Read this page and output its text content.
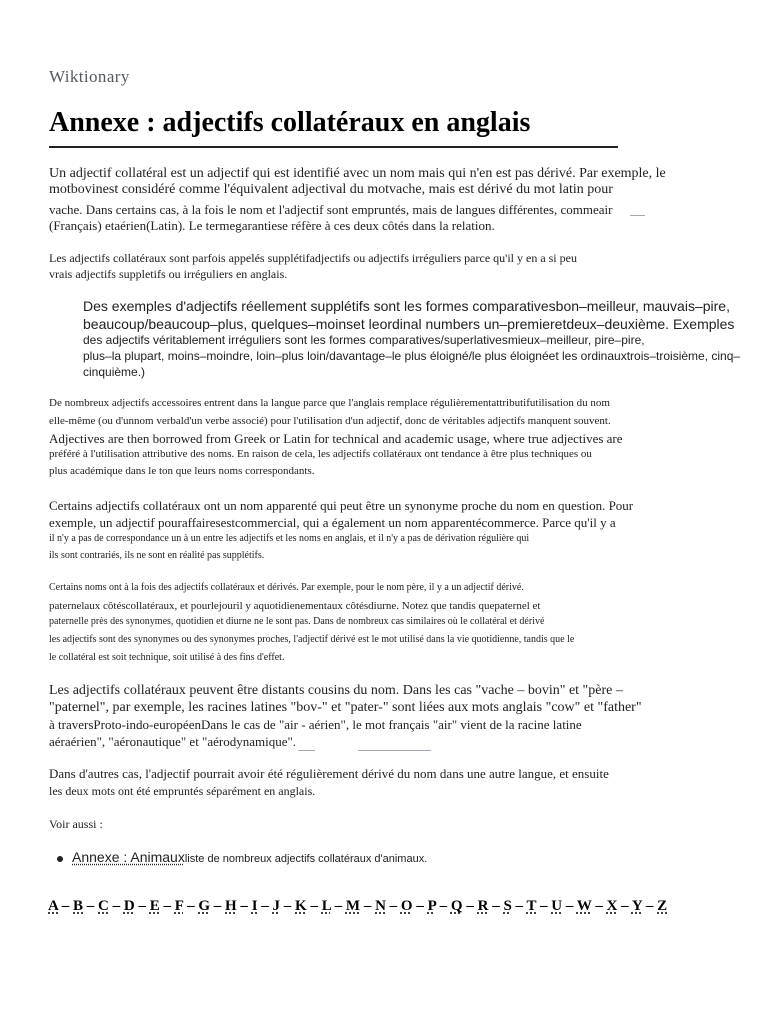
Wiktionary
Annexe : adjectifs collatéraux en anglais
Un adjectif collatéral est un adjectif qui est identifié avec un nom mais qui n'en est pas dérivé. Par exemple, le
motbovinest considéré comme l'équivalent adjectival du motvache, mais est dérivé du mot latin pour
vache. Dans certains cas, à la fois le nom et l'adjectif sont empruntés, mais de langues différentes, commeair
(Français) etaérien(Latin). Le termegarantiese réfère à ces deux côtés dans la relation.
Les adjectifs collatéraux sont parfois appelés supplétifadjectifs ou adjectifs irréguliers parce qu'il y en a si peu
vrais adjectifs suppletifs ou irréguliers en anglais.
Des exemples d'adjectifs réellement supplétifs sont les formes comparativesbon–meilleur, mauvais–pire,
beaucoup/beaucoup–plus, quelques–moinset leordinal numbers un–premieretdeux–deuxième. Exemples
des adjectifs véritablement irréguliers sont les formes comparatives/superlativesmieux–meilleur, pire–pire,
plus–la plupart, moins–moindre, loin–plus loin/davantage–le plus éloigné/le plus éloignéet les ordinauxtrois–troisième, cinq–
cinquième.)
De nombreux adjectifs accessoires entrent dans la langue parce que l'anglais remplace régulièrementattributifutilisation du nom
elle-même (ou d'unnom verbald'un verbe associé) pour l'utilisation d'un adjectif, donc de véritables adjectifs manquent souvent.
Adjectives are then borrowed from Greek or Latin for technical and academic usage, where true adjectives are
préféré à l'utilisation attributive des noms. En raison de cela, les adjectifs collatéraux ont tendance à être plus techniques ou
plus académique dans le ton que leurs noms correspondants.
Certains adjectifs collatéraux ont un nom apparenté qui peut être un synonyme proche du nom en question. Pour
exemple, un adjectif pouraffairesestcommercial, qui a également un nom apparentécommerce. Parce qu'il y a
il n'y a pas de correspondance un à un entre les adjectifs et les noms en anglais, et il n'y a pas de dérivation régulière qui
ils sont contrariés, ils ne sont en réalité pas supplétifs.
Certains noms ont à la fois des adjectifs collatéraux et dérivés. Par exemple, pour le nom père, il y a un adjectif dérivé.
paternelaux côtéscollatéraux, et pourlejouril y aquotidienementaux côtésdiurne. Notez que tandis quepaternel et
paternelle près des synonymes, quotidien et diurne ne le sont pas. Dans de nombreux cas similaires où le collatéral et dérivé
les adjectifs sont des synonymes ou des synonymes proches, l'adjectif dérivé est le mot utilisé dans la vie quotidienne, tandis que le
le collatéral est soit technique, soit utilisé à des fins d'effet.
Les adjectifs collatéraux peuvent être distants cousins du nom. Dans les cas "vache – bovin" et "père –
"paternel", par exemple, les racines latines "bov-" et "pater-" sont liées aux mots anglais "cow" et "father"
à traversProto-indo-européenDans le cas de "air - aérien", le mot français "air" vient de la racine latine
aéraérien", "aéronautique" et "aérodynamique".
Dans d'autres cas, l'adjectif pourrait avoir été régulièrement dérivé du nom dans une autre langue, et ensuite
les deux mots ont été empruntés séparément en anglais.
Voir aussi :
Annexe : Animauxliste de nombreux adjectifs collatéraux d'animaux.
A – B – C – D – E – F – G – H – I – J – K – L – M – N – O – P – Q – R – S – T – U – W – X – Y – Z
